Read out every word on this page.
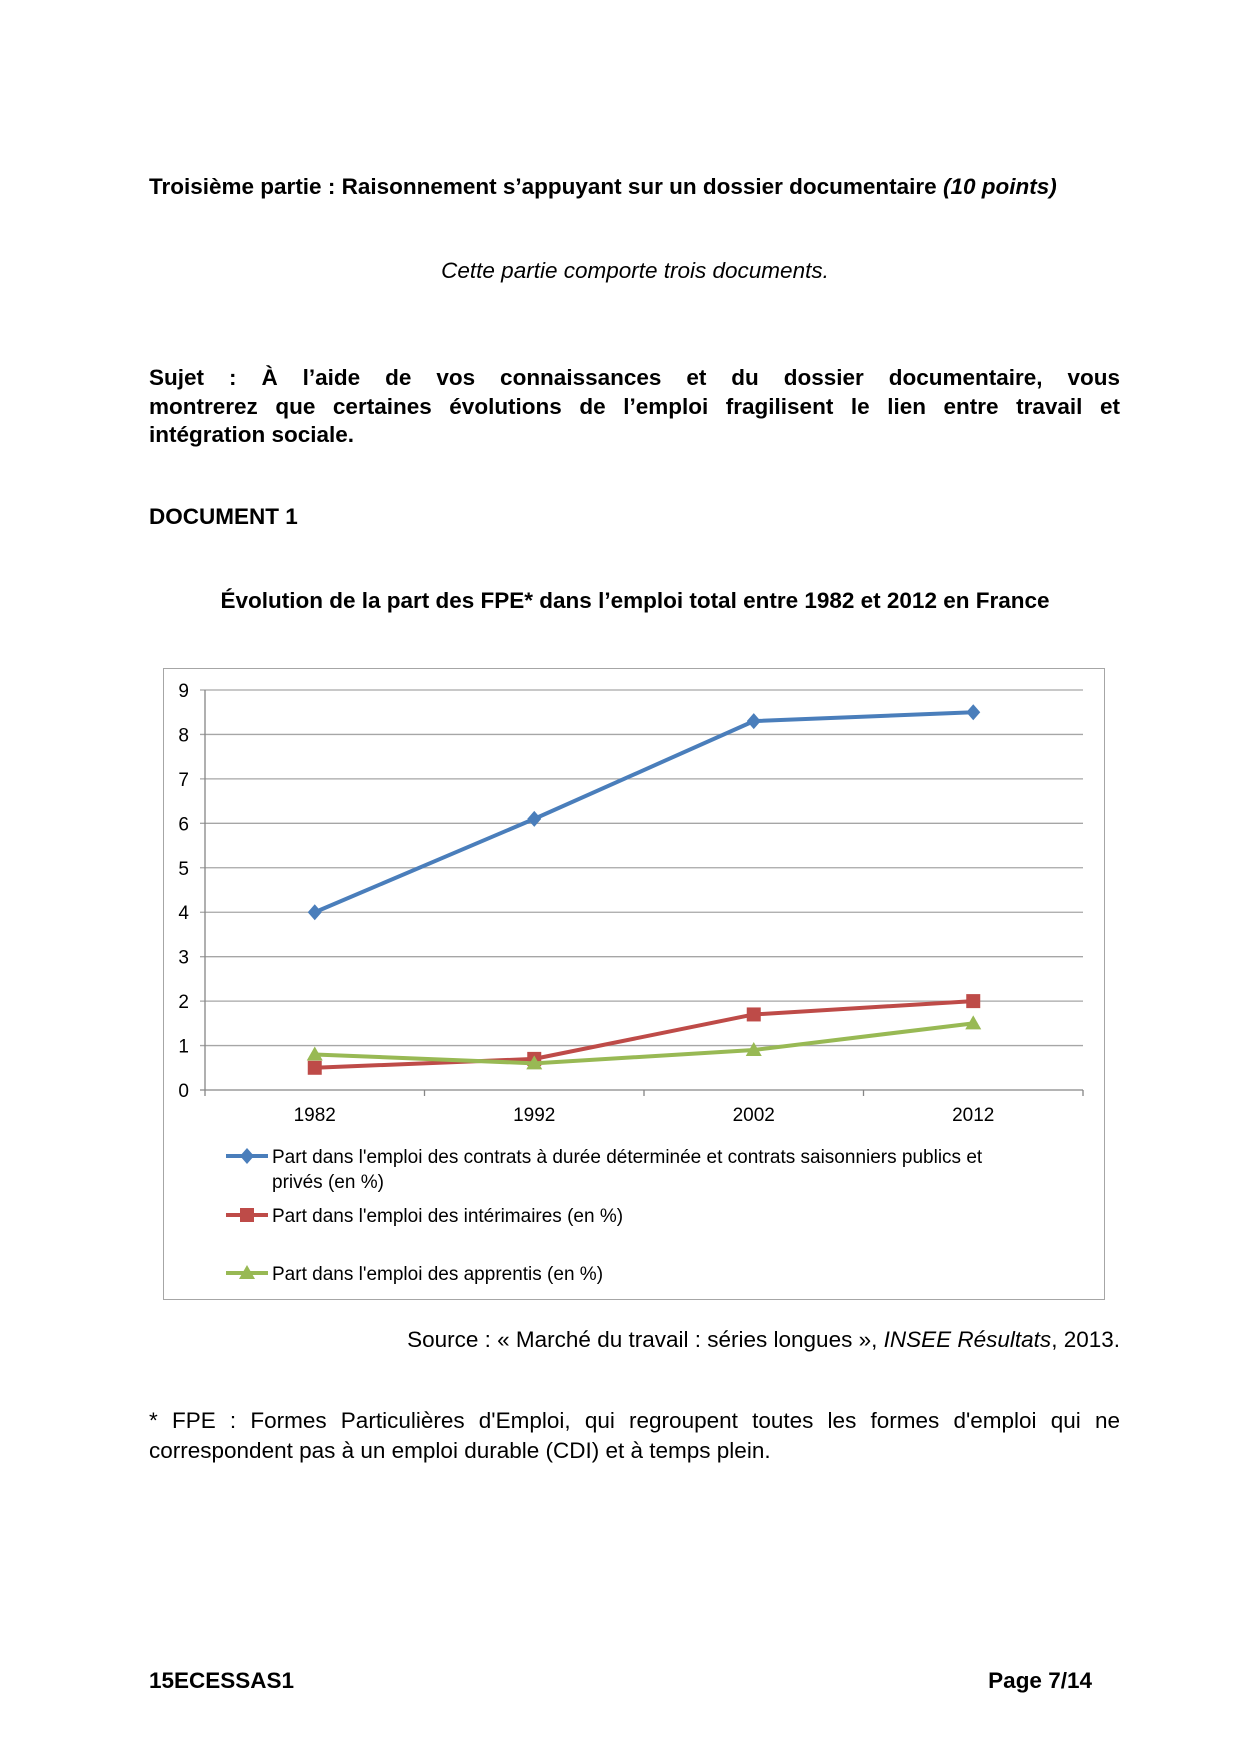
Troisième partie : Raisonnement s’appuyant sur un dossier documentaire (10 points)
Cette partie comporte trois documents.
Sujet : À l’aide de vos connaissances et du dossier documentaire, vous
montrerez que certaines évolutions de l’emploi fragilisent le lien entre travail et
intégration sociale.
DOCUMENT 1
Évolution de la part des FPE* dans l’emploi total entre 1982 et 2012 en France
0
1
2
3
4
5
6
7
8
9
1982	1992	2002	2012
Part dans l'emploi des contrats à durée déterminée et contrats saisonniers publics et
privés (en %)
Part dans l'emploi des intérimaires (en %)
Part dans l'emploi des apprentis (en %)
Source : « Marché du travail : séries longues », INSEE Résultats, 2013.
* FPE : Formes Particulières d'Emploi, qui regroupent toutes les formes d'emploi qui ne
correspondent pas à un emploi durable (CDI) et à temps plein.
15ECESSAS1	Page 7/14
